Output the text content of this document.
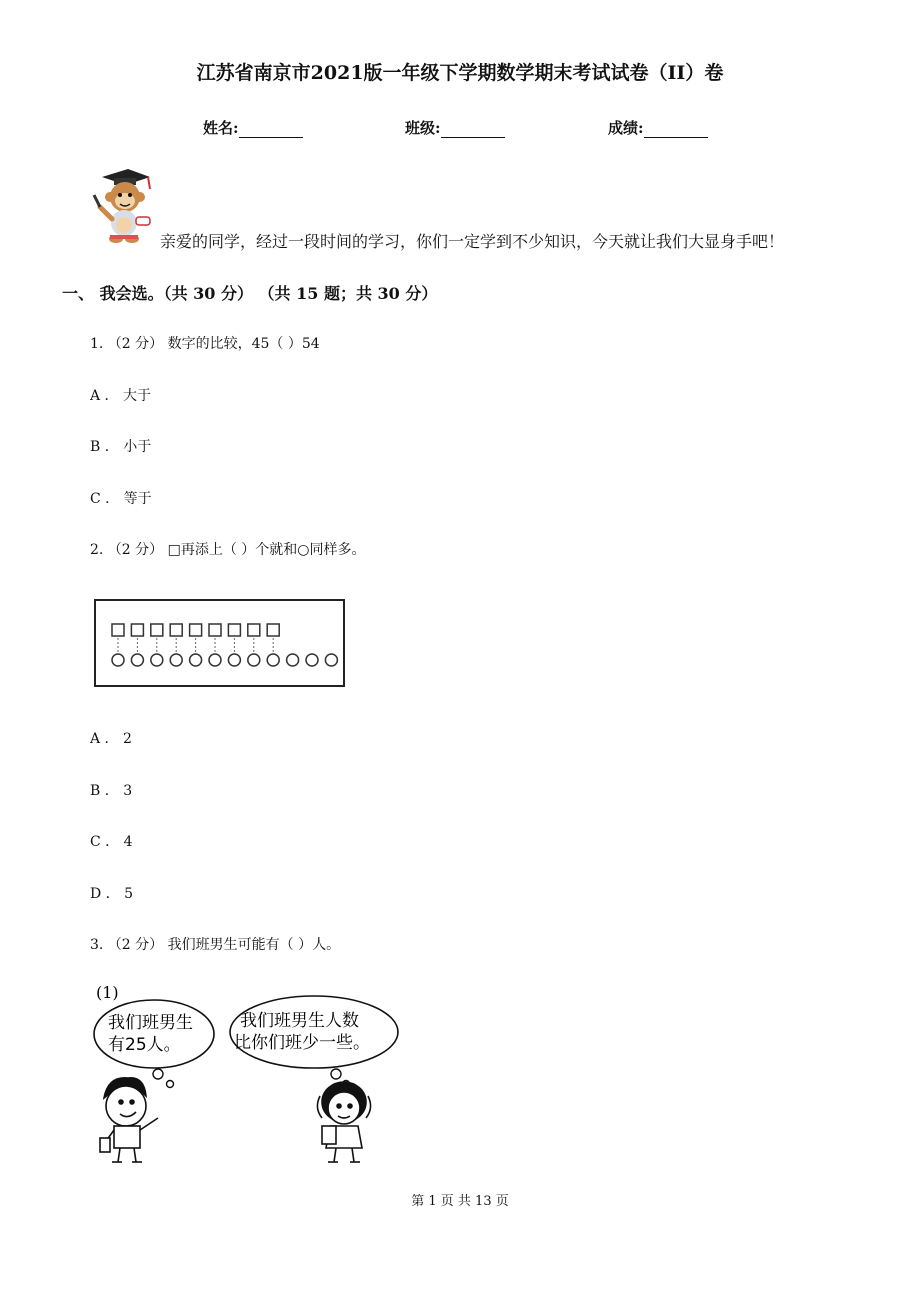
江苏省南京市2021版一年级下学期数学期末考试试卷（II）卷
姓名:	班级:	成绩:
亲爱的同学，经过一段时间的学习，你们一定学到不少知识，今天就让我们大显身手吧！
一、 我会选。（共 30 分） （共 15 题；共 30 分）
1. （2 分） 数字的比较，45（ ）54
A ． 大于
B ． 小于
C ． 等于
2. （2 分） □再添上（ ）个就和○同样多。
A ． 2
B ． 3
C ． 4
D ． 5
3. （2 分） 我们班男生可能有（ ）人。
(1)
我们班男生
有25人。
我们班男生人数
比你们班少一些。
第 1 页 共 13 页
